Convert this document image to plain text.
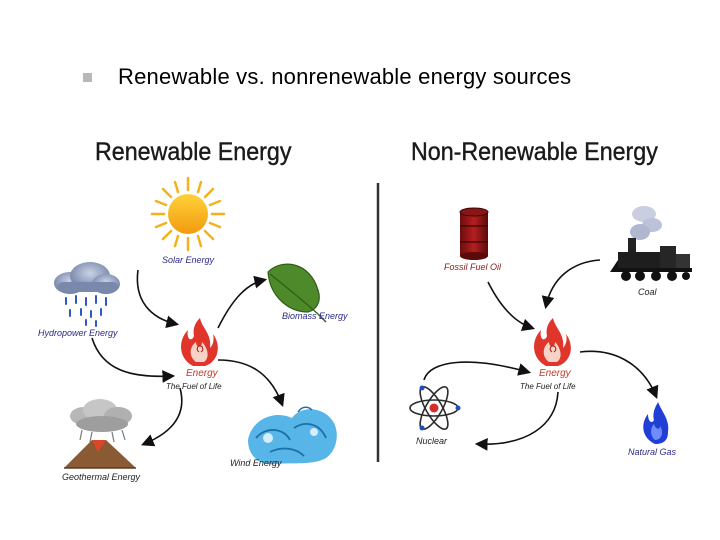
Renewable vs. nonrenewable energy sources
Renewable Energy	Non-Renewable Energy
Solar Energy
Hydropower Energy
Biomass Energy
Energy
The Fuel of Life
Geothermal Energy
Wind Energy
Fossil Fuel Oil
Coal
Energy
The Fuel of Life
Nuclear
Natural Gas
